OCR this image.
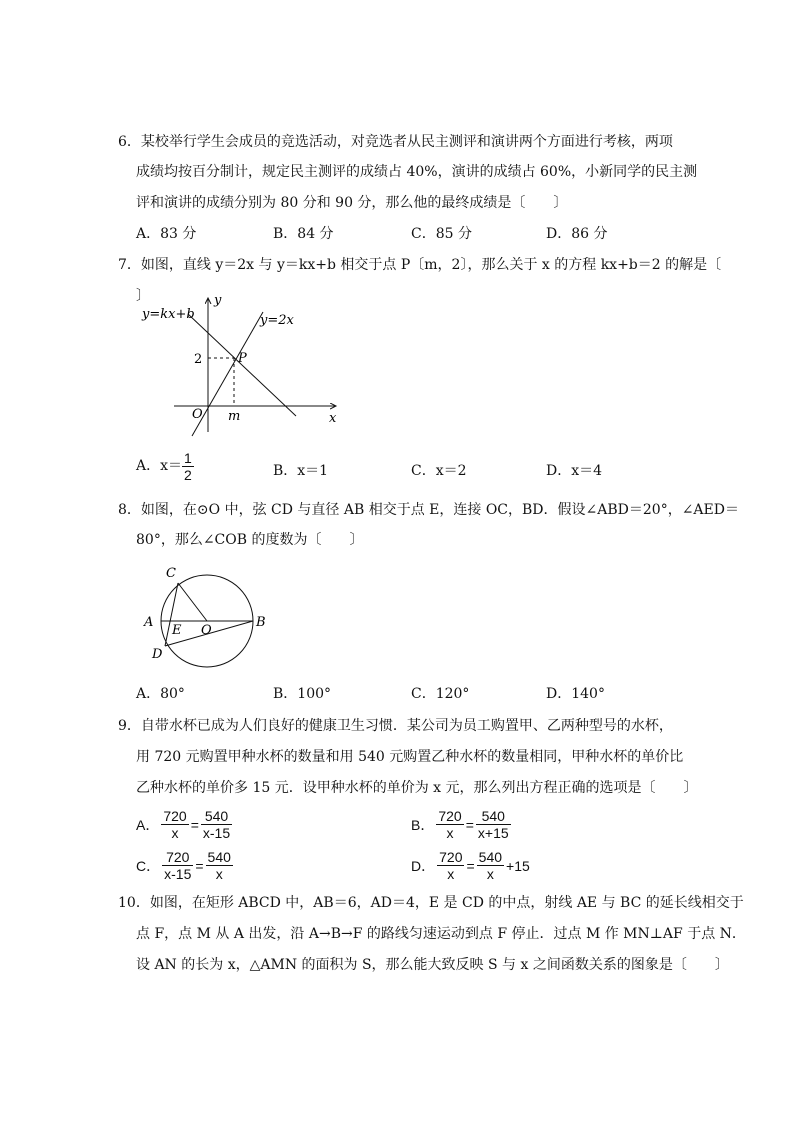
6．某校举行学生会成员的竞选活动，对竞选者从民主测评和演讲两个方面进行考核，两项
成绩均按百分制计，规定民主测评的成绩占 40%，演讲的成绩占 60%，小新同学的民主测
评和演讲的成绩分别为 80 分和 90 分，那么他的最终成绩是〔　　〕
A．83 分	B．84 分	C．85 分	D．86 分
7．如图，直线 y＝2x 与 y＝kx+b 相交于点 P〔m，2〕，那么关于 x 的方程 kx+b＝2 的解是〔
〕
y=kx+b	y=2x
y
x
O
2
m
P
A．$x= \frac{1}{2}$	B．x＝1	C．x＝2	D．x＝4
8．如图，在⊙O 中，弦 CD 与直径 AB 相交于点 E，连接 OC，BD．假设∠ABD＝20°，∠AED＝
80°，那么∠COB 的度数为〔　　〕
A	B
C
D
E O
A．80°	B．100°	C．120°	D．140°
9．自带水杯已成为人们良好的健康卫生习惯．某公司为员工购置甲、乙两种型号的水杯，
用 720 元购置甲种水杯的数量和用 540 元购置乙种水杯的数量相同，甲种水杯的单价比
乙种水杯的单价多 15 元．设甲种水杯的单价为 x 元，那么列出方程正确的选项是〔　　〕
A． $\frac{720}{x} = \frac{540}{x-15}$	B． $\frac{720}{x} = \frac{540}{x+15}$
C． $\frac{720}{x-15} = \frac{540}{x}$	D． $\frac{720}{x} = \frac{540}{x} +15$
10．如图，在矩形 ABCD 中，AB＝6，AD＝4，E 是 CD 的中点，射线 AE 与 BC 的延长线相交于
点 F，点 M 从 A 出发，沿 A→B→F 的路线匀速运动到点 F 停止．过点 M 作 MN⊥AF 于点 N．
设 AN 的长为 x，△AMN 的面积为 S，那么能大致反映 S 与 x 之间函数关系的图象是〔　　〕
